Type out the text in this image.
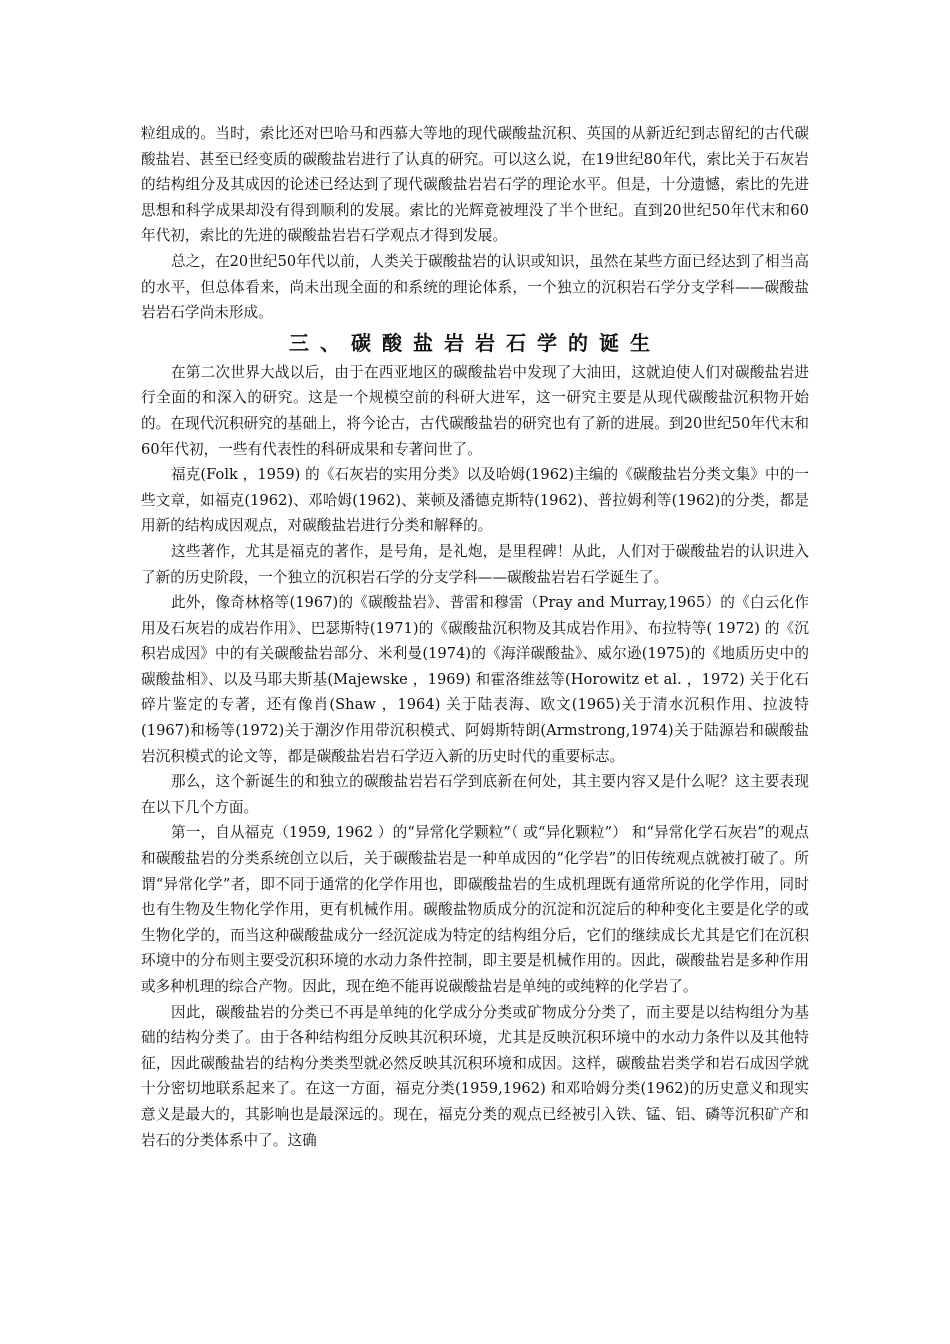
粒组成的。当时，索比还对巴哈马和西慕大等地的现代碳酸盐沉积、英国的从新近纪到志留纪的古代碳酸盐岩、甚至已经变质的碳酸盐岩进行了认真的研究。可以这么说，在19世纪80年代，索比关于石灰岩的结构组分及其成因的论述已经达到了现代碳酸盐岩岩石学的理论水平。但是，十分遗憾，索比的先进思想和科学成果却没有得到顺利的发展。索比的光辉竟被埋没了半个世纪。直到20世纪50年代末和60年代初，索比的先进的碳酸盐岩岩石学观点才得到发展。

总之，在20世纪50年代以前，人类关于碳酸盐岩的认识或知识，虽然在某些方面已经达到了相当高的水平，但总体看来，尚未出现全面的和系统的理论体系，一个独立的沉积岩石学分支学科——碳酸盐岩岩石学尚未形成。

三、碳酸盐岩岩石学的诞生

在第二次世界大战以后，由于在西亚地区的碳酸盐岩中发现了大油田，这就迫使人们对碳酸盐岩进行全面的和深入的研究。这是一个规模空前的科研大进军，这一研究主要是从现代碳酸盐沉积物开始的。在现代沉积研究的基础上，将今论古，古代碳酸盐岩的研究也有了新的进展。到20世纪50年代末和60年代初，一些有代表性的科研成果和专著问世了。

福克(Folk ，1959) 的《石灰岩的实用分类》以及哈姆(1962)主编的《碳酸盐岩分类文集》中的一些文章，如福克(1962)、邓哈姆(1962)、莱顿及潘德克斯特(1962)、普拉姆利等(1962)的分类，都是用新的结构成因观点，对碳酸盐岩进行分类和解释的。

这些著作，尤其是福克的著作，是号角，是礼炮，是里程碑！从此，人们对于碳酸盐岩的认识进入了新的历史阶段，一个独立的沉积岩石学的分支学科——碳酸盐岩岩石学诞生了。

此外，像奇林格等(1967)的《碳酸盐岩》、普雷和穆雷（Pray and Murray,1965）的《白云化作用及石灰岩的成岩作用》、巴瑟斯特(1971)的《碳酸盐沉积物及其成岩作用》、布拉特等( 1972) 的《沉积岩成因》中的有关碳酸盐岩部分、米利曼(1974)的《海洋碳酸盐》、威尔逊(1975)的《地质历史中的碳酸盐相》、以及马耶夫斯基(Majewske ，1969) 和霍洛维兹等(Horowitz et al. ，1972) 关于化石碎片鉴定的专著，还有像肖(Shaw ，1964) 关于陆表海、欧文(1965)关于清水沉积作用、拉波特(1967)和杨等(1972)关于潮汐作用带沉积模式、阿姆斯特朗(Armstrong,1974)关于陆源岩和碳酸盐岩沉积模式的论文等，都是碳酸盐岩岩石学迈入新的历史时代的重要标志。

那么，这个新诞生的和独立的碳酸盐岩岩石学到底新在何处，其主要内容又是什么呢？这主要表现在以下几个方面。

第一，自从福克（1959, 1962 ）的“异常化学颗粒”（ 或“异化颗粒”） 和“异常化学石灰岩”的观点和碳酸盐岩的分类系统创立以后，关于碳酸盐岩是一种单成因的“化学岩”的旧传统观点就被打破了。所谓“异常化学”者，即不同于通常的化学作用也，即碳酸盐岩的生成机理既有通常所说的化学作用，同时也有生物及生物化学作用，更有机械作用。碳酸盐物质成分的沉淀和沉淀后的种种变化主要是化学的或生物化学的，而当这种碳酸盐成分一经沉淀成为特定的结构组分后，它们的继续成长尤其是它们在沉积环境中的分布则主要受沉积环境的水动力条件控制，即主要是机械作用的。因此，碳酸盐岩是多种作用或多种机理的综合产物。因此，现在绝不能再说碳酸盐岩是单纯的或纯粹的化学岩了。

因此，碳酸盐岩的分类已不再是单纯的化学成分分类或矿物成分分类了，而主要是以结构组分为基础的结构分类了。由于各种结构组分反映其沉积环境，尤其是反映沉积环境中的水动力条件以及其他特征，因此碳酸盐岩的结构分类类型就必然反映其沉积环境和成因。这样，碳酸盐岩类学和岩石成因学就十分密切地联系起来了。在这一方面，福克分类(1959,1962) 和邓哈姆分类(1962)的历史意义和现实意义是最大的，其影响也是最深远的。现在，福克分类的观点已经被引入铁、锰、铝、磷等沉积矿产和岩石的分类体系中了。这确
